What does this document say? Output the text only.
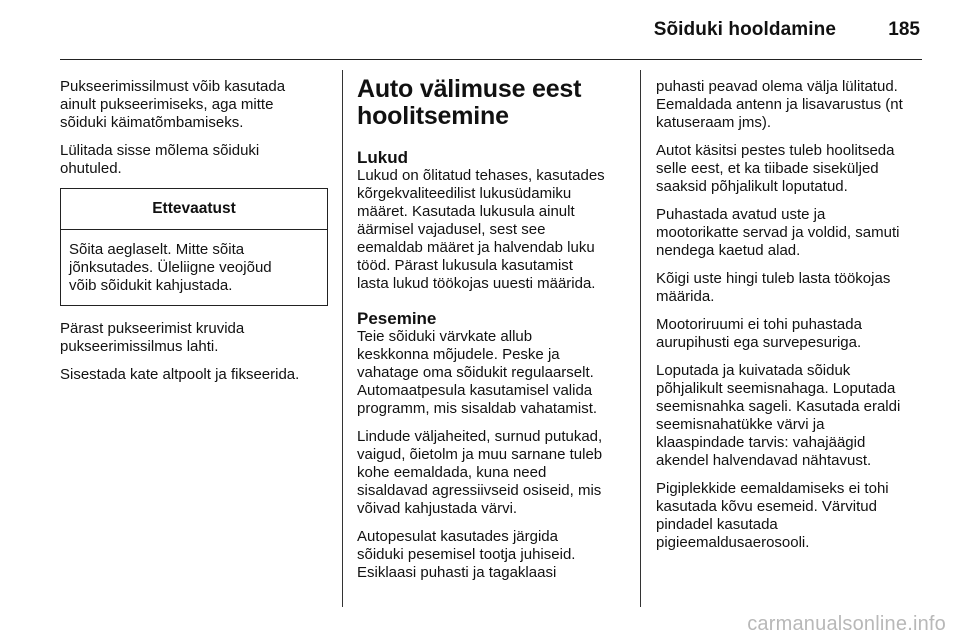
Sõiduki hooldamine	185

Pukseerimissilmust võib kasutada
ainult pukseerimiseks, aga mitte
sõiduki käimatõmbamiseks.

Lülitada sisse mõlema sõiduki
ohutuled.

Ettevaatust
Sõita aeglaselt. Mitte sõita
jõnksutades. Üleliigne veojõud
võib sõidukit kahjustada.

Pärast pukseerimist kruvida
pukseerimissilmus lahti.

Sisestada kate altpoolt ja fikseerida.

Auto välimuse eest
hoolitsemine
Lukud

Lukud on õlitatud tehases, kasutades
kõrgekvaliteedilist lukusüdamiku
määret. Kasutada lukusula ainult
äärmisel vajadusel, sest see
eemaldab määret ja halvendab luku
tööd. Pärast lukusula kasutamist
lasta lukud töökojas uuesti määrida.

Pesemine

Teie sõiduki värvkate allub
keskkonna mõjudele. Peske ja
vahatage oma sõidukit regulaarselt.
Automaatpesula kasutamisel valida
programm, mis sisaldab vahatamist.

Lindude väljaheited, surnud putukad,
vaigud, õietolm ja muu sarnane tuleb
kohe eemaldada, kuna need
sisaldavad agressiivseid osiseid, mis
võivad kahjustada värvi.

Autopesulat kasutades järgida
sõiduki pesemisel tootja juhiseid.
Esiklaasi puhasti ja tagaklaasi

puhasti peavad olema välja lülitatud.
Eemaldada antenn ja lisavarustus (nt
katuseraam jms).

Autot käsitsi pestes tuleb hoolitseda
selle eest, et ka tiibade siseküljed
saaksid põhjalikult loputatud.

Puhastada avatud uste ja
mootorikatte servad ja voldid, samuti
nendega kaetud alad.

Kõigi uste hingi tuleb lasta töökojas
määrida.

Mootoriruumi ei tohi puhastada
aurupihusti ega survepesuriga.

Loputada ja kuivatada sõiduk
põhjalikult seemisnahaga. Loputada
seemisnahka sageli. Kasutada eraldi
seemisnahatükke värvi ja
klaaspindade tarvis: vahajäägid
akendel halvendavad nähtavust.

Pigiplekkide eemaldamiseks ei tohi
kasutada kõvu esemeid. Värvitud
pindadel kasutada
pigieemaldusaerosooli.

carmanualsonline.info
